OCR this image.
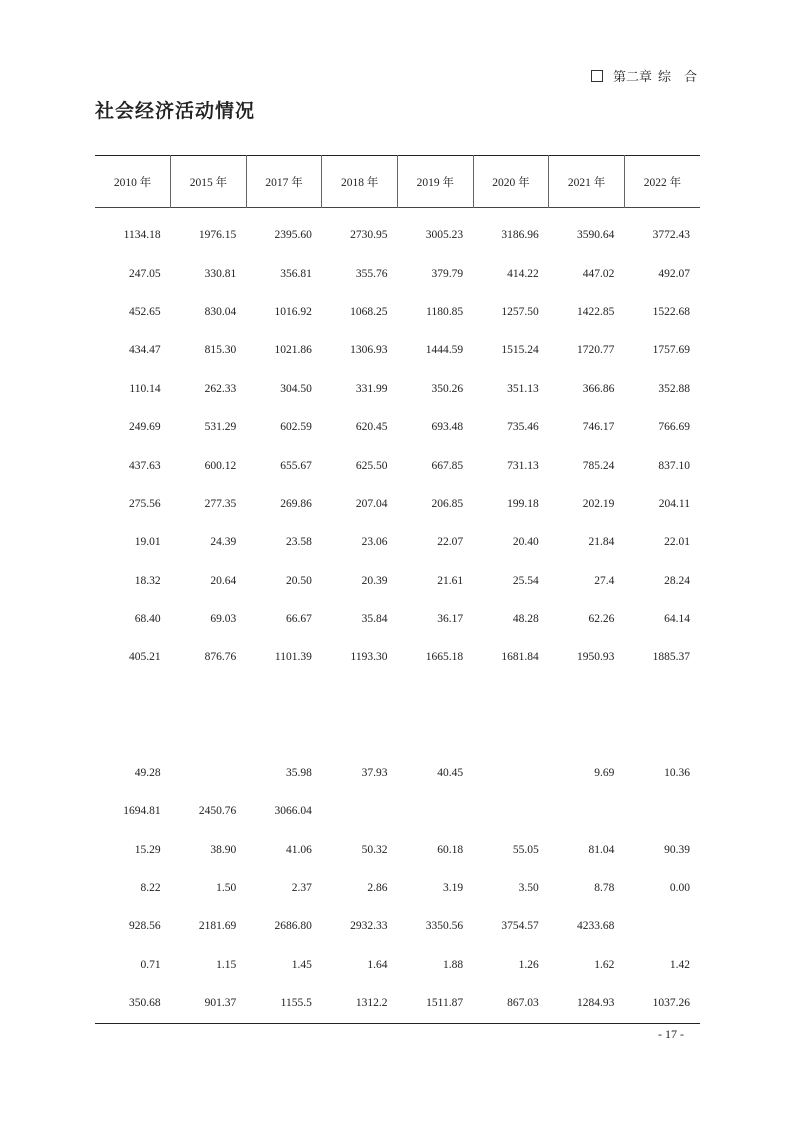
第二章 综　合
社会经济活动情况
2010 年	2015 年	2017 年	2018 年	2019 年	2020 年	2021 年	2022 年
1134.18	1976.15	2395.60	2730.95	3005.23	3186.96	3590.64	3772.43
247.05	330.81	356.81	355.76	379.79	414.22	447.02	492.07
452.65	830.04	1016.92	1068.25	1180.85	1257.50	1422.85	1522.68
434.47	815.30	1021.86	1306.93	1444.59	1515.24	1720.77	1757.69
110.14	262.33	304.50	331.99	350.26	351.13	366.86	352.88
249.69	531.29	602.59	620.45	693.48	735.46	746.17	766.69
437.63	600.12	655.67	625.50	667.85	731.13	785.24	837.10
275.56	277.35	269.86	207.04	206.85	199.18	202.19	204.11
19.01	24.39	23.58	23.06	22.07	20.40	21.84	22.01
18.32	20.64	20.50	20.39	21.61	25.54	27.4	28.24
68.40	69.03	66.67	35.84	36.17	48.28	62.26	64.14
405.21	876.76	1101.39	1193.30	1665.18	1681.84	1950.93	1885.37

49.28		35.98	37.93	40.45		9.69	10.36
1694.81	2450.76	3066.04					
15.29	38.90	41.06	50.32	60.18	55.05	81.04	90.39
8.22	1.50	2.37	2.86	3.19	3.50	8.78	0.00
928.56	2181.69	2686.80	2932.33	3350.56	3754.57	4233.68	
0.71	1.15	1.45	1.64	1.88	1.26	1.62	1.42
350.68	901.37	1155.5	1312.2	1511.87	867.03	1284.93	1037.26
- 17 -
